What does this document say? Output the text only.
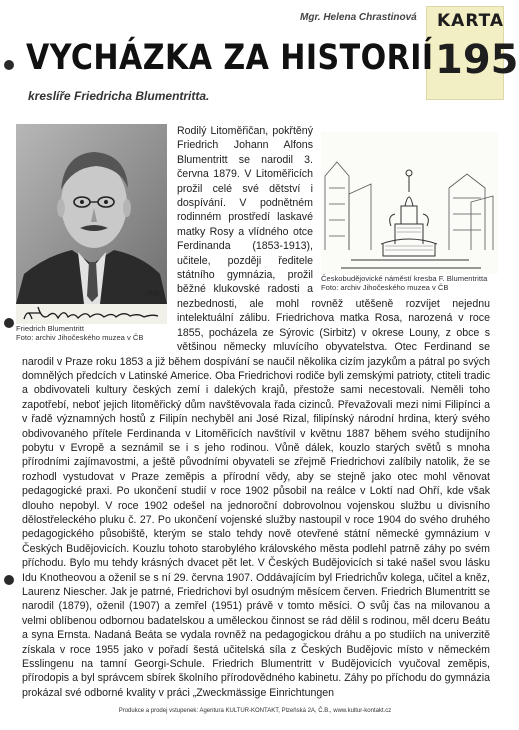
Mgr. Helena Chrastinová KARTA
195
VYCHÁZKA ZA HISTORIÍ
kreslíře Friedricha Blumentritta.
1936
Friedrich Blumentritt
Foto: archiv Jihočeského muzea v ČB
Českobudějovické náměstí kresba F. Blumentritta
Foto: archiv Jihočeského muzea v ČB

Rodilý Litoměřičan, pokřtěný Friedrich Johann Alfons Blumentritt se narodil 3. června 1879. V Litoměřicích prožil celé své dětství i dospívání. V podnětném rodinném prostředí laskavé matky Rosy a vlídného otce Ferdinanda (1853-1913), učitele, později ředitele státního gymnázia, prožil běžné klukovské radosti a nezbednosti, ale mohl rovněž utěšeně rozvíjet nejednu intelektuální zálibu. Friedrichova matka Rosa, narozená v roce 1855, pocházela ze Sýrovic (Sirbitz) v okrese Louny, z obce s většinou německy mluvícího obyvatelstva. Otec Ferdinand se narodil v Praze roku 1853 a již během dospívání se naučil několika cizím jazykům a pátral po svých domnělých předcích v Latinské Americe. Oba Friedrichovi rodiče byli zemskými patrioty, ctiteli tradic a obdivovateli kultury českých zemí i dalekých krajů, přestože sami necestovali. Neměli toho zapotřebí, neboť jejich litoměřický dům navštěvovala řada cizinců. Převažovali mezi nimi Filipínci a v řadě významných hostů z Filipín nechyběl ani José Rizal, filipínský národní hrdina, který svého obdivovaného přítele Ferdinanda v Litoměřicích navštívil v květnu 1887 během svého studijního pobytu v Evropě a seznámil se i s jeho rodinou. Vůně dálek, kouzlo starých světů s mnoha přírodními zajímavostmi, a ještě původními obyvateli se zřejmě Friedrichovi zalíbily natolik, že se rozhodl vystudovat v Praze zeměpis a přírodní vědy, aby se stejně jako otec mohl věnovat pedagogické praxi. Po ukončení studií v roce 1902 působil na reálce v Loktí nad Ohří, kde však dlouho nepobyl. V roce 1902 odešel na jednoroční dobrovolnou vojenskou službu u divisního dělostřeleckého pluku č. 27. Po ukončení vojenské služby nastoupil v roce 1904 do svého druhého pedagogického působiště, kterým se stalo tehdy nově otevřené státní německé gymnázium v Českých Budějovicích. Kouzlu tohoto starobylého královského města podlehl patrně záhy po svém příchodu. Bylo mu tehdy krásných dvacet pět let. V Českých Budějovicích si také našel svou lásku Idu Knotheovou a oženil se s ní 29. června 1907. Oddávajícím byl Friedrichův kolega, učitel a kněz, Laurenz Niescher. Jak je patrné, Friedrichovi byl osudným měsícem červen. Friedrich Blumentritt se narodil (1879), oženil (1907) a zemřel (1951) právě v tomto měsíci. O svůj čas na milovanou a velmi oblíbenou odbornou badatelskou a uměleckou činnost se rád dělil s rodinou, měl dceru Beátu a syna Ernsta. Nadaná Beáta se vydala rovněž na pedagogickou dráhu a po studiích na univerzitě získala v roce 1955 jako v pořadí šestá učitelská síla z Českých Budějovic místo v německém Esslingenu na tamní Georgi-Schule. Friedrich Blumentritt v Budějovicích vyučoval zeměpis, přírodopis a byl správcem sbírek školního přírodovědného kabinetu. Záhy po příchodu do gymnázia prokázal své odborné kvality v práci „Zweckmässige Einrichtungen

Produkce a prodej vstupenek: Agentura KULTUR-KONTAKT, Plzeňská 2A, Č.B., www.kultur-kontakt.cz
